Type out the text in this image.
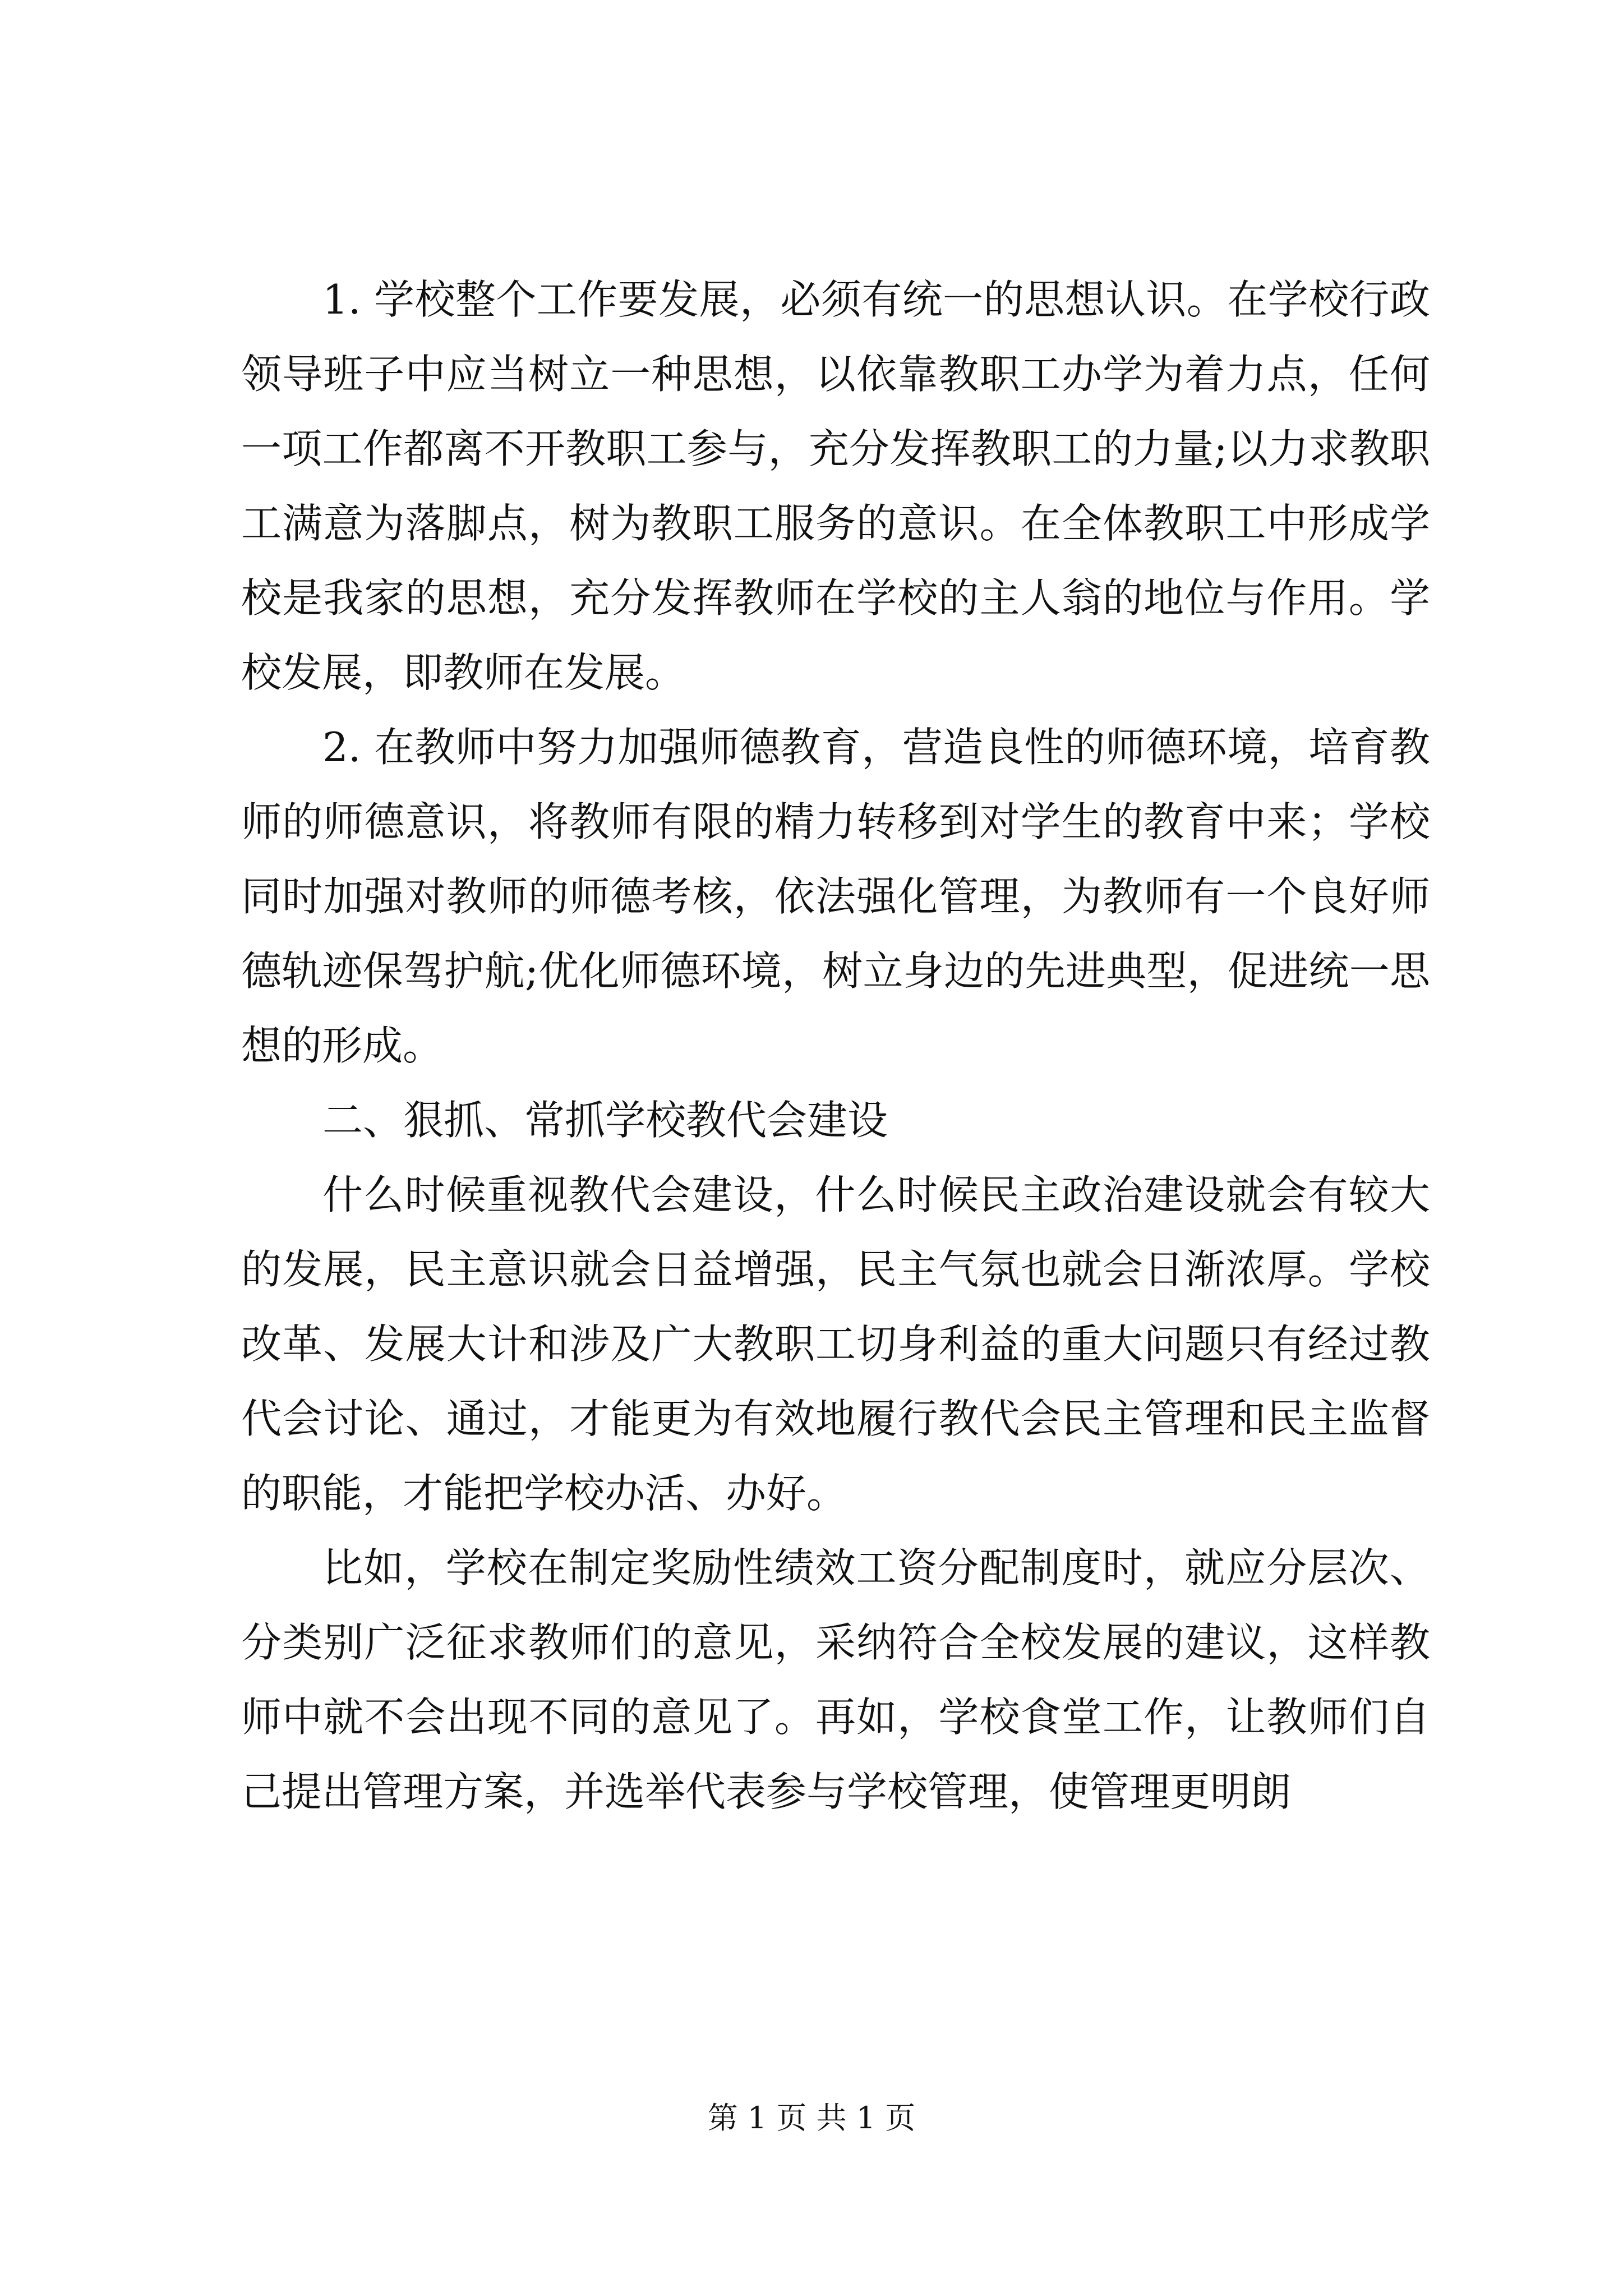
1. 学校整个工作要发展，必须有统一的思想认识。在学校行政领导班子中应当树立一种思想，以依靠教职工办学为着力点，任何一项工作都离不开教职工参与，充分发挥教职工的力量;以力求教职工满意为落脚点，树为教职工服务的意识。在全体教职工中形成学校是我家的思想，充分发挥教师在学校的主人翁的地位与作用。学校发展，即教师在发展。

2. 在教师中努力加强师德教育，营造良性的师德环境，培育教师的师德意识，将教师有限的精力转移到对学生的教育中来；学校同时加强对教师的师德考核，依法强化管理，为教师有一个良好师德轨迹保驾护航;优化师德环境，树立身边的先进典型，促进统一思想的形成。

二、狠抓、常抓学校教代会建设

什么时候重视教代会建设，什么时候民主政治建设就会有较大的发展，民主意识就会日益增强，民主气氛也就会日渐浓厚。学校改革、发展大计和涉及广大教职工切身利益的重大问题只有经过教代会讨论、通过，才能更为有效地履行教代会民主管理和民主监督的职能，才能把学校办活、办好。

比如，学校在制定奖励性绩效工资分配制度时，就应分层次、分类别广泛征求教师们的意见，采纳符合全校发展的建议，这样教师中就不会出现不同的意见了。再如，学校食堂工作，让教师们自己提出管理方案，并选举代表参与学校管理，使管理更明朗

第 1 页 共 1 页
